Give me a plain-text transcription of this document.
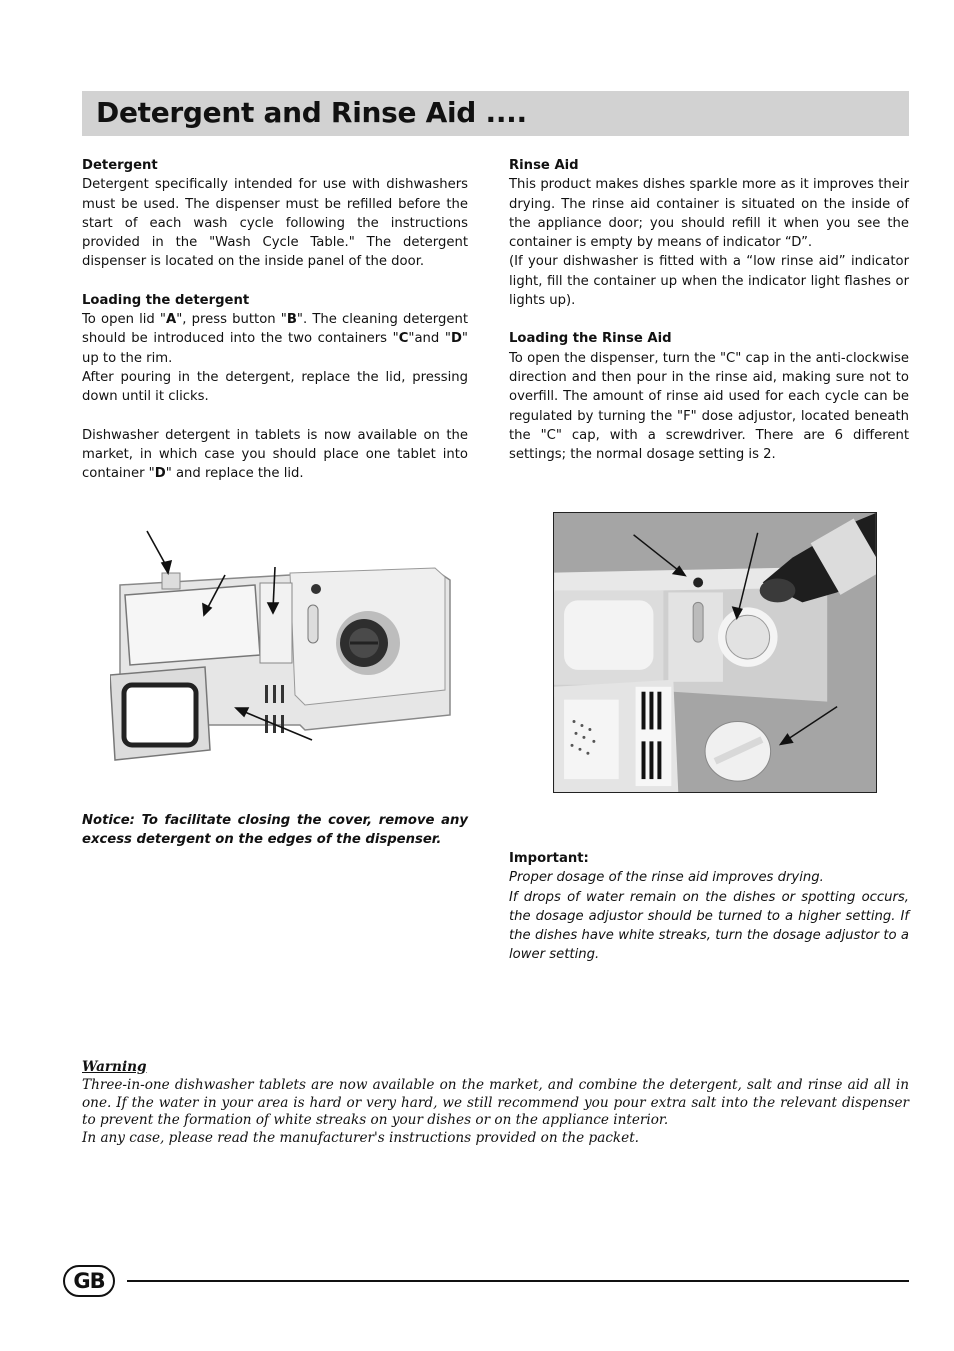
Detergent and Rinse Aid ....
Detergent

Detergent specifically intended for use with dishwashers must be used. The dispenser must be refilled before the start of each wash cycle following the instructions provided in the "Wash Cycle Table." The detergent dispenser is located on the inside panel of the door.

Loading the detergent

To open lid "A", press button "B". The cleaning detergent should be introduced into the two containers "C"and "D" up to the rim.

After pouring in the detergent, replace the lid, pressing down until it clicks.

Dishwasher detergent in tablets is now available on the market, in which case you should place one tablet into container "D" and replace the lid.

Rinse Aid

This product makes dishes sparkle more as it improves their drying. The rinse aid container is situated on the inside of the appliance door; you should refill it when you see the container is empty by means of indicator “D”.

(If your dishwasher is fitted with a “low rinse aid” indicator light, fill the container up when the indicator light flashes or lights up).

Loading the Rinse Aid

To open the dispenser, turn the "C" cap in the anti-clockwise direction and then pour in the rinse aid, making sure not to overfill. The amount of rinse aid used for each cycle can be regulated by turning the "F" dose adjustor, located beneath the "C" cap, with a screwdriver. There are 6 different settings; the normal dosage setting is 2.

Notice: To facilitate closing the cover, remove any excess detergent on the edges of the dispenser.
Important:

Proper dosage of the rinse aid improves drying.

If drops of water remain on the dishes or spotting occurs, the dosage adjustor should be turned to a higher setting. If the dishes have white streaks, turn the dosage adjustor to a lower setting.

Warning

Three-in-one dishwasher tablets are now available on the market, and combine the detergent, salt and rinse aid all in one. If the water in your area is hard or very hard, we still recommend you pour extra salt into the relevant dispenser to prevent the formation of white streaks on your dishes or on the appliance interior.

In any case, please read the manufacturer's instructions provided on the packet.

GB
